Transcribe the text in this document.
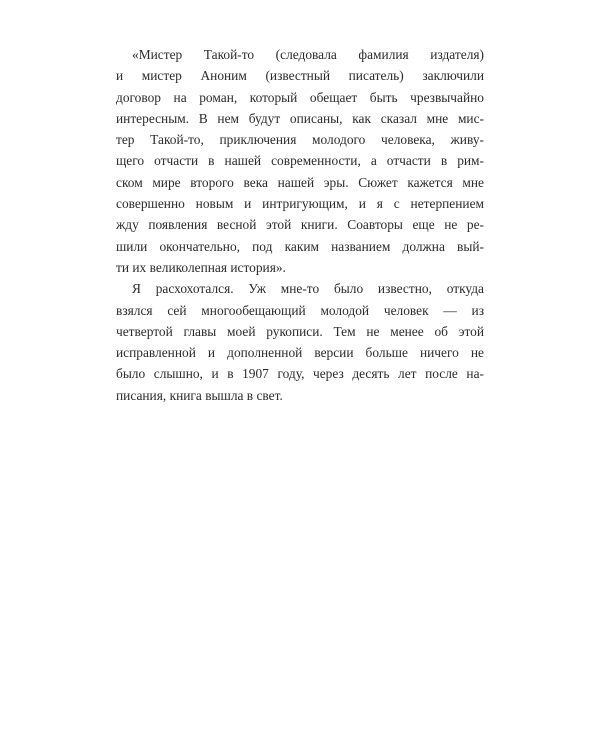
«Мистер Такой-то (следовала фамилия издателя)
и мистер Аноним (известный писатель) заключили
договор на роман, который обещает быть чрезвычайно
интересным. В нем будут описаны, как сказал мне мис-
тер Такой-то, приключения молодого человека, живу-
щего отчасти в нашей современности, а отчасти в рим-
ском мире второго века нашей эры. Сюжет кажется мне
совершенно новым и интригующим, и я с нетерпением
жду появления весной этой книги. Соавторы еще не ре-
шили окончательно, под каким названием должна вый-
ти их великолепная история».
Я расхохотался. Уж мне-то было известно, откуда
взялся сей многообещающий молодой человек — из
четвертой главы моей рукописи. Тем не менее об этой
исправленной и дополненной версии больше ничего не
было слышно, и в 1907 году, через десять лет после на-
писания, книга вышла в свет.
